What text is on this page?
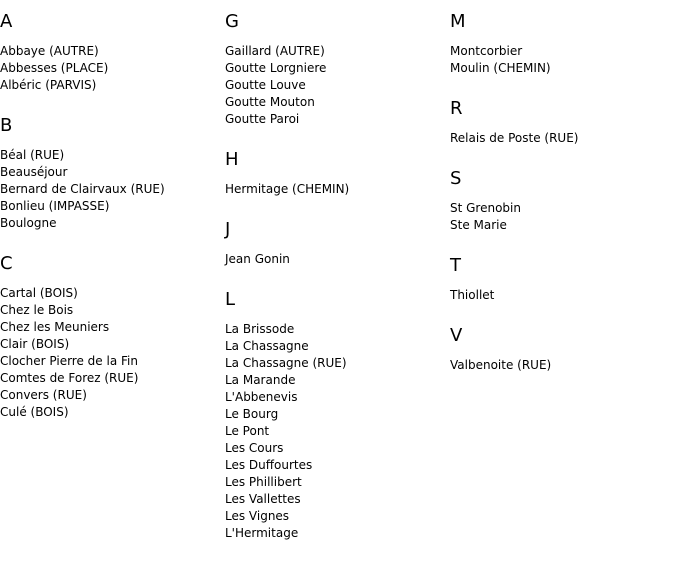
A
Abbaye (AUTRE)
Abbesses (PLACE)
Albéric (PARVIS)
B
Béal (RUE)
Beauséjour
Bernard de Clairvaux (RUE)
Bonlieu (IMPASSE)
Boulogne
C
Cartal (BOIS)
Chez le Bois
Chez les Meuniers
Clair (BOIS)
Clocher Pierre de la Fin
Comtes de Forez (RUE)
Convers (RUE)
Culé (BOIS)
G
Gaillard (AUTRE)
Goutte Lorgniere
Goutte Louve
Goutte Mouton
Goutte Paroi
H
Hermitage (CHEMIN)
J
Jean Gonin
L
La Brissode
La Chassagne
La Chassagne (RUE)
La Marande
L'Abbenevis
Le Bourg
Le Pont
Les Cours
Les Duffourtes
Les Phillibert
Les Vallettes
Les Vignes
L'Hermitage
M
Montcorbier
Moulin (CHEMIN)
R
Relais de Poste (RUE)
S
St Grenobin
Ste Marie
T
Thiollet
V
Valbenoite (RUE)
